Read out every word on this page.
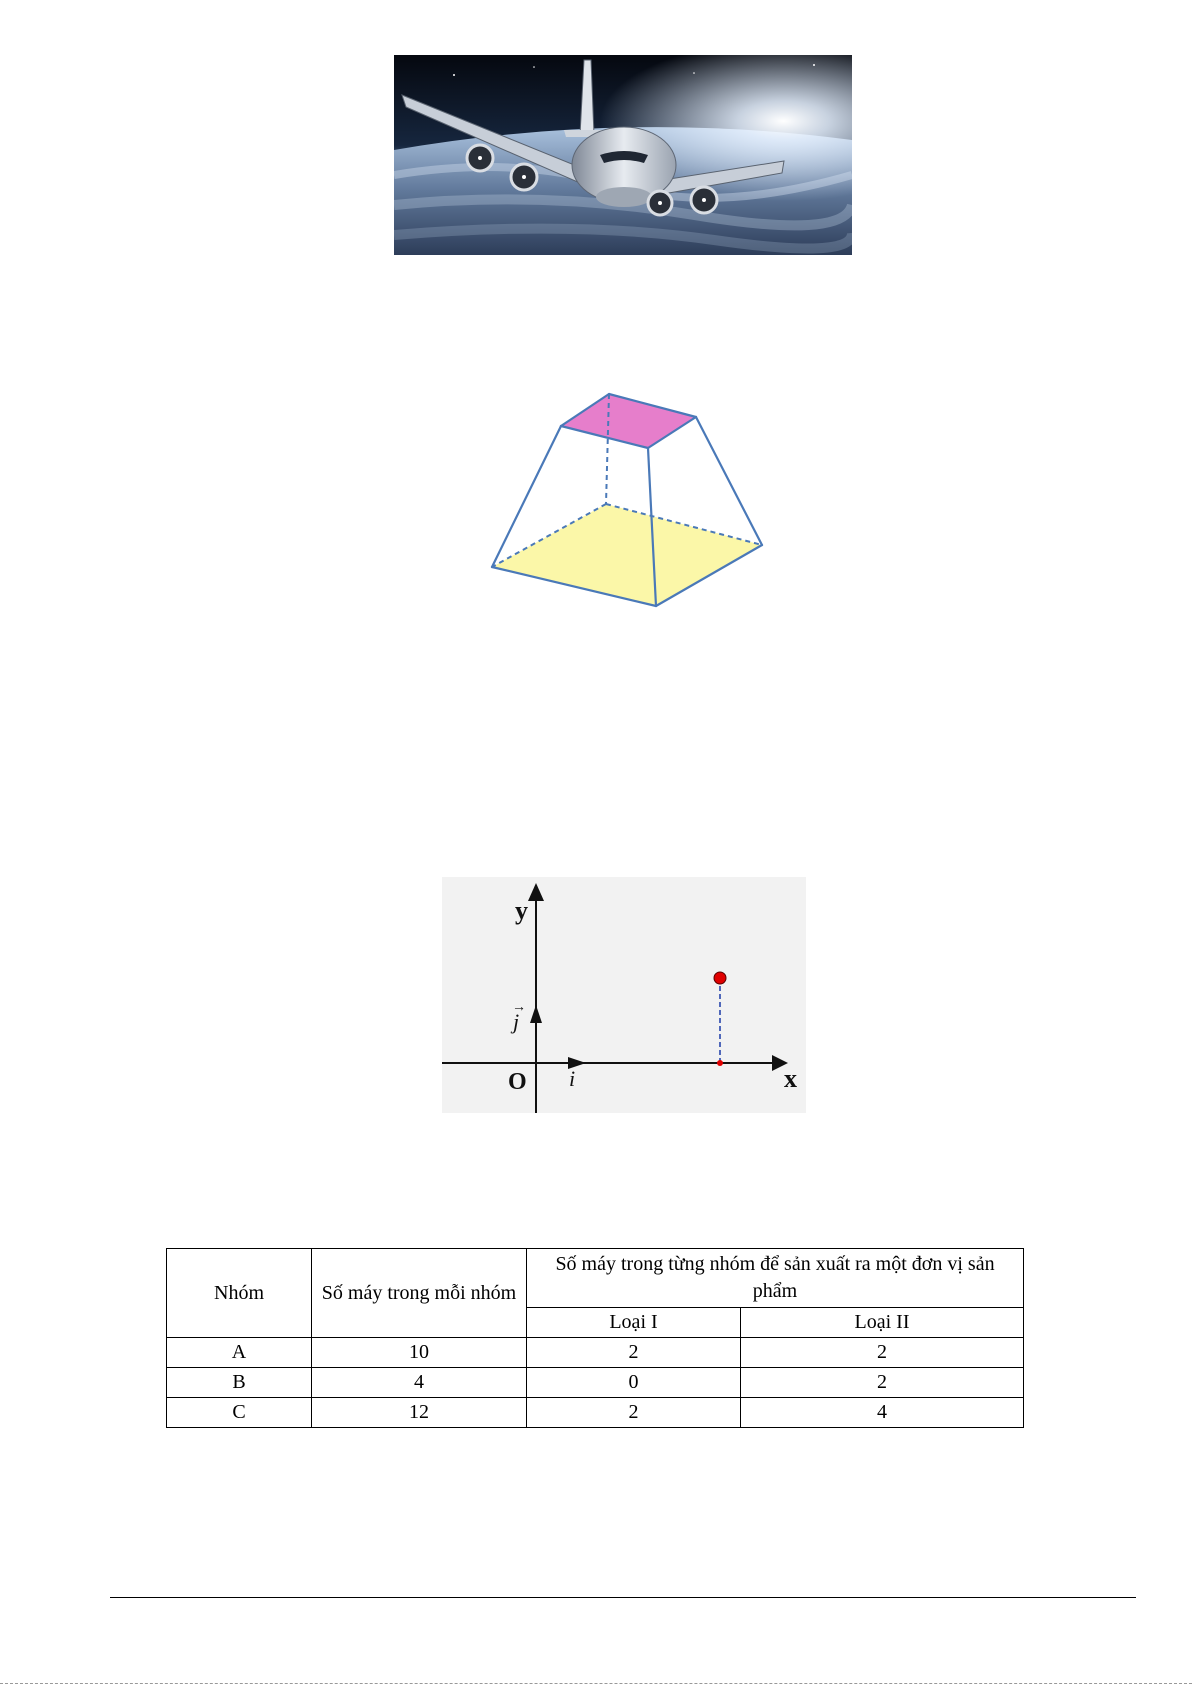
y
x
O i
j
→
Nhóm	Số máy trong mỗi nhóm	Số máy trong từng nhóm để sản xuất ra một đơn vị sản phẩm	
		Loại I	Loại II
A	10	2	2
B	4	0	2
C	12	2	4
